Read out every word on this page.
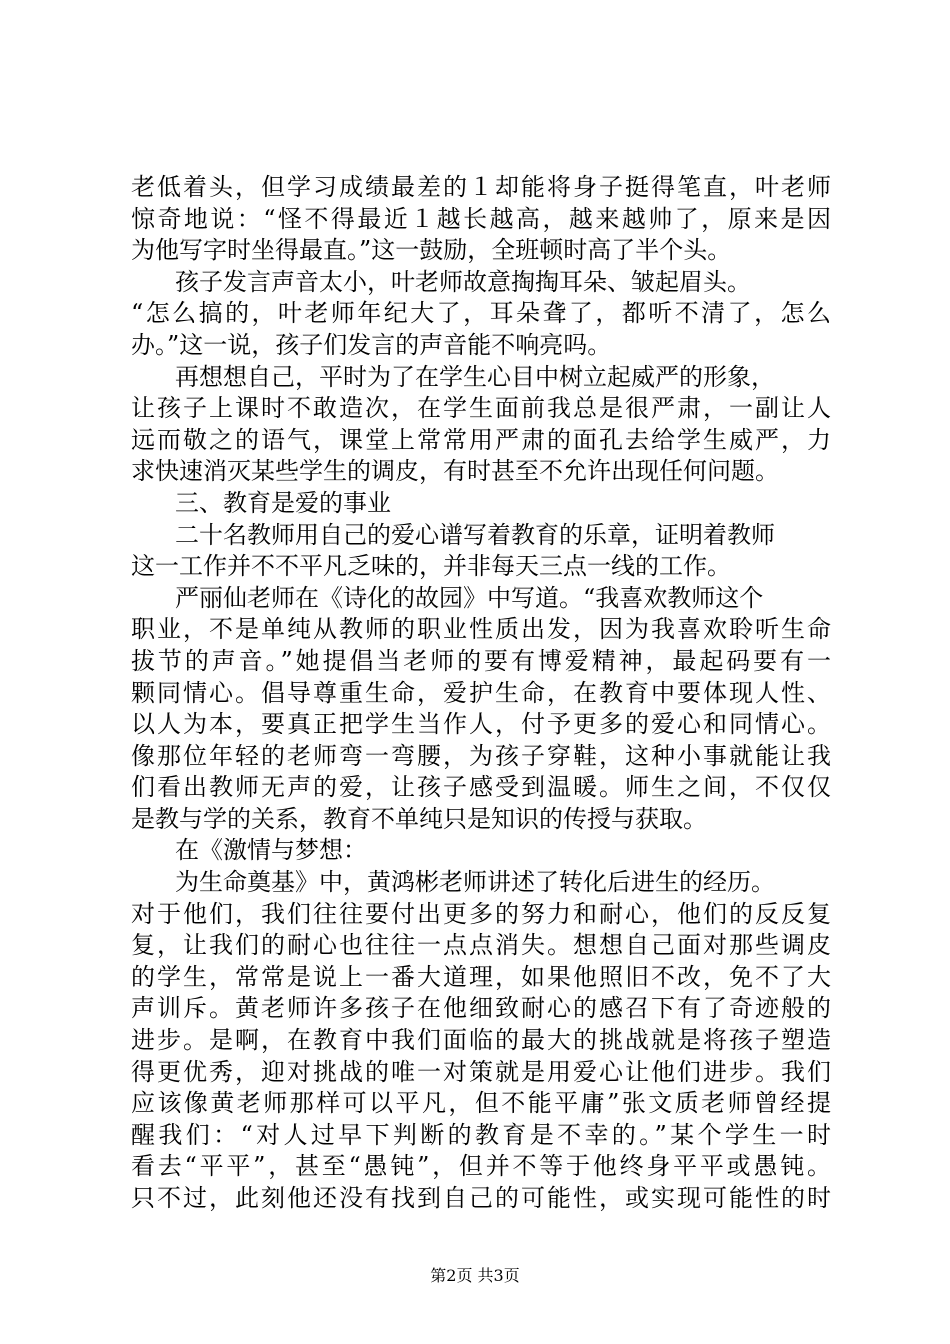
老低着头，但学习成绩最差的１却能将身子挺得笔直，叶老师
惊奇地说：“怪不得最近１越长越高，越来越帅了，原来是因
为他写字时坐得最直。”这一鼓励，全班顿时高了半个头。
孩子发言声音太小，叶老师故意掏掏耳朵、皱起眉头。
“怎么搞的，叶老师年纪大了，耳朵聋了，都听不清了，怎么
办。”这一说，孩子们发言的声音能不响亮吗。
再想想自己，平时为了在学生心目中树立起威严的形象，
让孩子上课时不敢造次，在学生面前我总是很严肃，一副让人
远而敬之的语气，课堂上常常用严肃的面孔去给学生威严，力
求快速消灭某些学生的调皮，有时甚至不允许出现任何问题。
三、教育是爱的事业
二十名教师用自己的爱心谱写着教育的乐章，证明着教师
这一工作并不不平凡乏味的，并非每天三点一线的工作。
严丽仙老师在《诗化的故园》中写道。“我喜欢教师这个
职业，不是单纯从教师的职业性质出发，因为我喜欢聆听生命
拔节的声音。”她提倡当老师的要有博爱精神，最起码要有一
颗同情心。倡导尊重生命，爱护生命，在教育中要体现人性、
以人为本，要真正把学生当作人，付予更多的爱心和同情心。
像那位年轻的老师弯一弯腰，为孩子穿鞋，这种小事就能让我
们看出教师无声的爱，让孩子感受到温暖。师生之间，不仅仅
是教与学的关系，教育不单纯只是知识的传授与获取。
在《激情与梦想：
为生命奠基》中，黄鸿彬老师讲述了转化后进生的经历。
对于他们，我们往往要付出更多的努力和耐心，他们的反反复
复，让我们的耐心也往往一点点消失。想想自己面对那些调皮
的学生，常常是说上一番大道理，如果他照旧不改，免不了大
声训斥。黄老师许多孩子在他细致耐心的感召下有了奇迹般的
进步。是啊，在教育中我们面临的最大的挑战就是将孩子塑造
得更优秀，迎对挑战的唯一对策就是用爱心让他们进步。我们
应该像黄老师那样可以平凡，但不能平庸”张文质老师曾经提
醒我们：“对人过早下判断的教育是不幸的。”某个学生一时
看去“平平”，甚至“愚钝”，但并不等于他终身平平或愚钝。
只不过，此刻他还没有找到自己的可能性，或实现可能性的时
第2页 共3页
